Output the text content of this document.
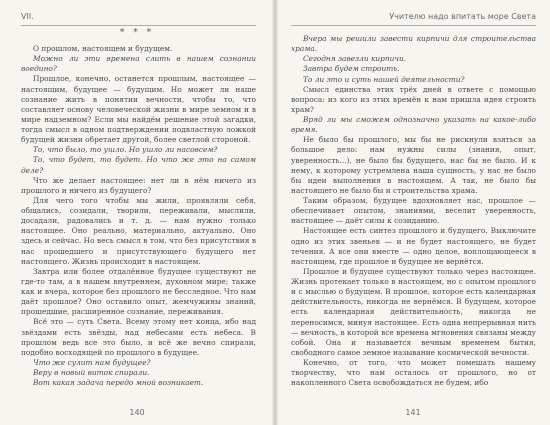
VII.
* * *

О прошлом, настоящем и будущем.

Можно ли эти времена слить в нашем сознании воедино?

Прошлое, конечно, останется прошлым, настоящее — настоящим, будущее — будущим. Но может ли наше сознание жить в понятии вечности, чтобы то, что составляет основу человеческой жизни в мире земном и в мире надземном? Если мы найдём решение этой загадки, тогда смысл в одном подтверждении подвластную ложкой будущей жизни обретает другой, более светлой стороной.

То, что было, то ушло. Но ушло ли насовсем?

То, что будет, то будет. Но что же это на самом деле?

Что же делает настоящее: нет ли в нём ничего из прошлого и ничего из будущего?

Для чего того чтобы мы жили, проявляли себя, общались, созидали, творили, переживали, мыслили, досадали, радовались и т. д. — нам нужно только настоящее. Оно реально, материально, актуально. Оно здесь и сейчас. Но весь смысл в том, что без присутствия в нас прошедшего и присутствующего будущего нет настоящего. Жизнь происходит в настоящем.

Завтра или более отдалённое будущее существуют не где-то там, а в нашем внутреннем, духовном мире; также как и вчера, которое без прошлого не бесследное. Что нам даёт прошлое? Оно оставило опыт, жемчужины знаний, прошедшие, расширенное сознание, переживания.

Всё это — суть Света. Всему этому нет конца, ибо над звёздами есть звёзды, над небесами есть небеса. В прошлом ведь все это было, и всё же вечно спирали, подобно восходящей по прошлого в будущее.

Что же сулит нам будущее?

Веру в новый виток спирали.

Вот какая задача передо мной возникает.

140
Учителю надо впитать море Света

Вчера мы решили завести кирпичи для строительства храма.

Сегодня завезли кирпичи.

Завтра будем строить.

То ли это и суть нашей деятельности?

Смысл единства этих трёх дней в ответе с помощью вопроса: из кого из этих времён к нам пришла идея строить храм?

Вряд ли мы сможем однозначно указать на какое-либо время.

Не было бы прошлого, мы бы не рискнули взяться за большое дело: нам нужны силы (знания, опыт, уверенность...), не было бы будущего, нас бы не было. И к нему, к которому устремлена наша сущность, у нас не было бы идеи выполнения в настоящем. А так, не было бы настоящего не было бы и строительства храма.

Таким образом, будущее вдохновляет нас, прошлое — обеспечивает опытом, знаниями, веселит уверенность, настоящее — даёт силы к созиданию.

Настоящее есть синтез прошлого и будущего. Выключите одно из этих звеньев — и не будет настоящего, не будет течения. А все они вместе — одно целое, воплощающееся в настоящем, где прошлое и будущее не вернётся.

Прошлое и будущее существуют только через настоящее. Жизнь протекает только в настоящем, но с опытом прошлого и с мыслью о будущем. В прошлое, которое есть календарная действительность, никогда не вернёмся. В будущем, которое есть календарная действительность, никогда не переносимся, минуя настоящее. Есть одна непрерывная нить — вечность, в которой все времена мгновения связаны между собой. Она и называется вечным временем бытия, свободного самое земное называние космической вечности.

Конечно, от того, что может помешать нашему творчеству, что нам осталось от прошлого, но от накопленного Света освобождаться не будем, ибо

141
